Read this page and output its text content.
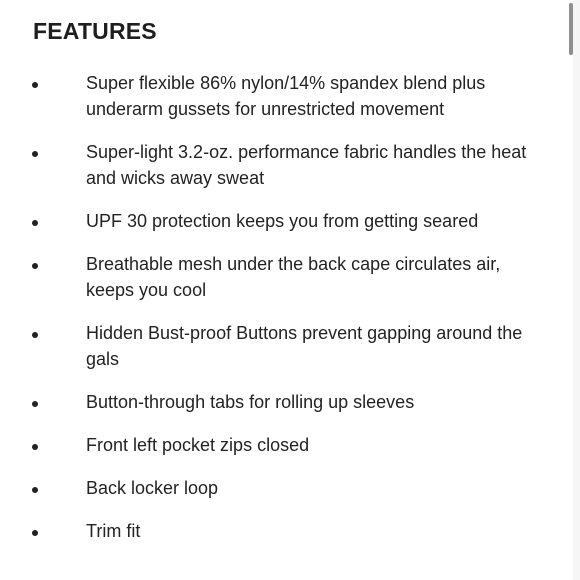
FEATURES
Super flexible 86% nylon/14% spandex blend plus underarm gussets for unrestricted movement
Super-light 3.2-oz. performance fabric handles the heat and wicks away sweat
UPF 30 protection keeps you from getting seared
Breathable mesh under the back cape circulates air, keeps you cool
Hidden Bust-proof Buttons prevent gapping around the gals
Button-through tabs for rolling up sleeves
Front left pocket zips closed
Back locker loop
Trim fit
